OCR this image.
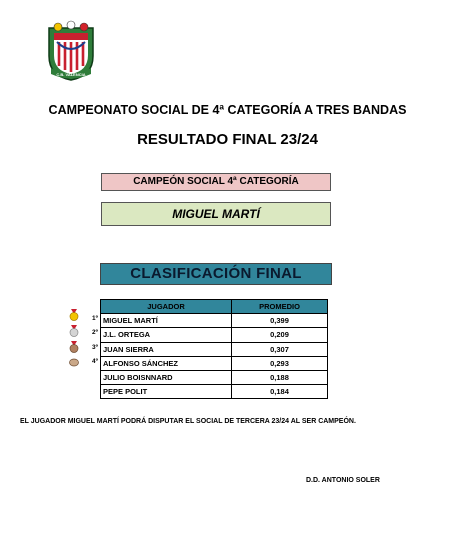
C.B. VALENCIA
CAMPEONATO SOCIAL DE 4ª CATEGORÍA A TRES BANDAS
RESULTADO FINAL 23/24
CAMPEÓN SOCIAL 4ª CATEGORÍA
MIGUEL MARTÍ
CLASIFICACIÓN FINAL
1º
2º
3º
4º
JUGADOR	PROMEDIO
MIGUEL MARTÍ	0,399
J.L. ORTEGA	0,209
JUAN SIERRA	0,307
ALFONSO SÁNCHEZ	0,293
JULIO BOISNNARD	0,188
PEPE POLIT	0,184
EL JUGADOR MIGUEL MARTÍ PODRÁ DISPUTAR EL SOCIAL DE TERCERA 23/24 AL SER CAMPEÓN.
D.D. ANTONIO SOLER
